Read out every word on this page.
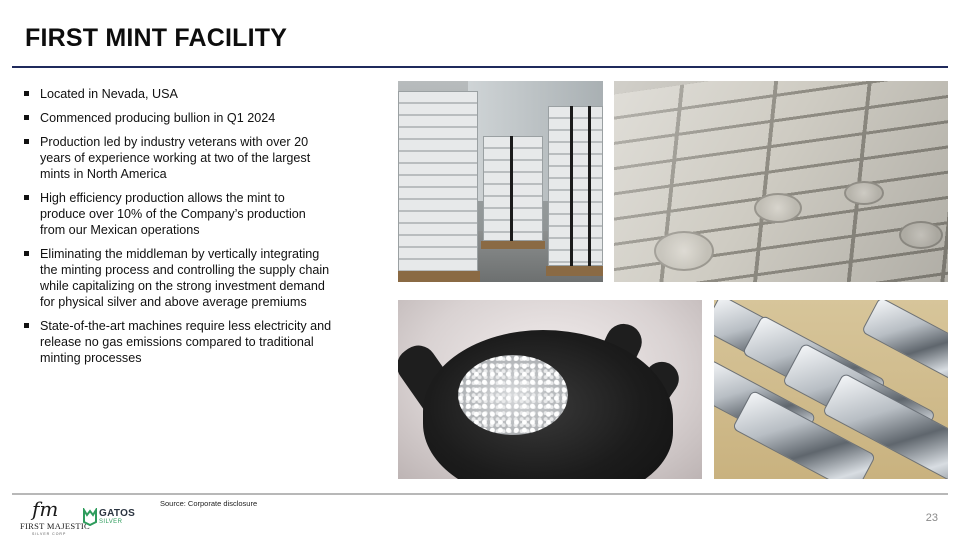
FIRST MINT FACILITY
Located in Nevada, USA
Commenced producing bullion in Q1 2024
Production led by industry veterans with over 20 years of experience working at two of the largest mints in North America
High efficiency production allows the mint to produce over 10% of the Company’s production from our Mexican operations
Eliminating the middleman by vertically integrating the minting process and controlling the supply chain while capitalizing on the strong investment demand for physical silver and above average premiums
State-of-the-art machines require less electricity and release no gas emissions compared to traditional minting processes
Source: Corporate disclosure
23
fm
FIRST MAJESTIC
SILVER CORP
GATOS
SILVER
